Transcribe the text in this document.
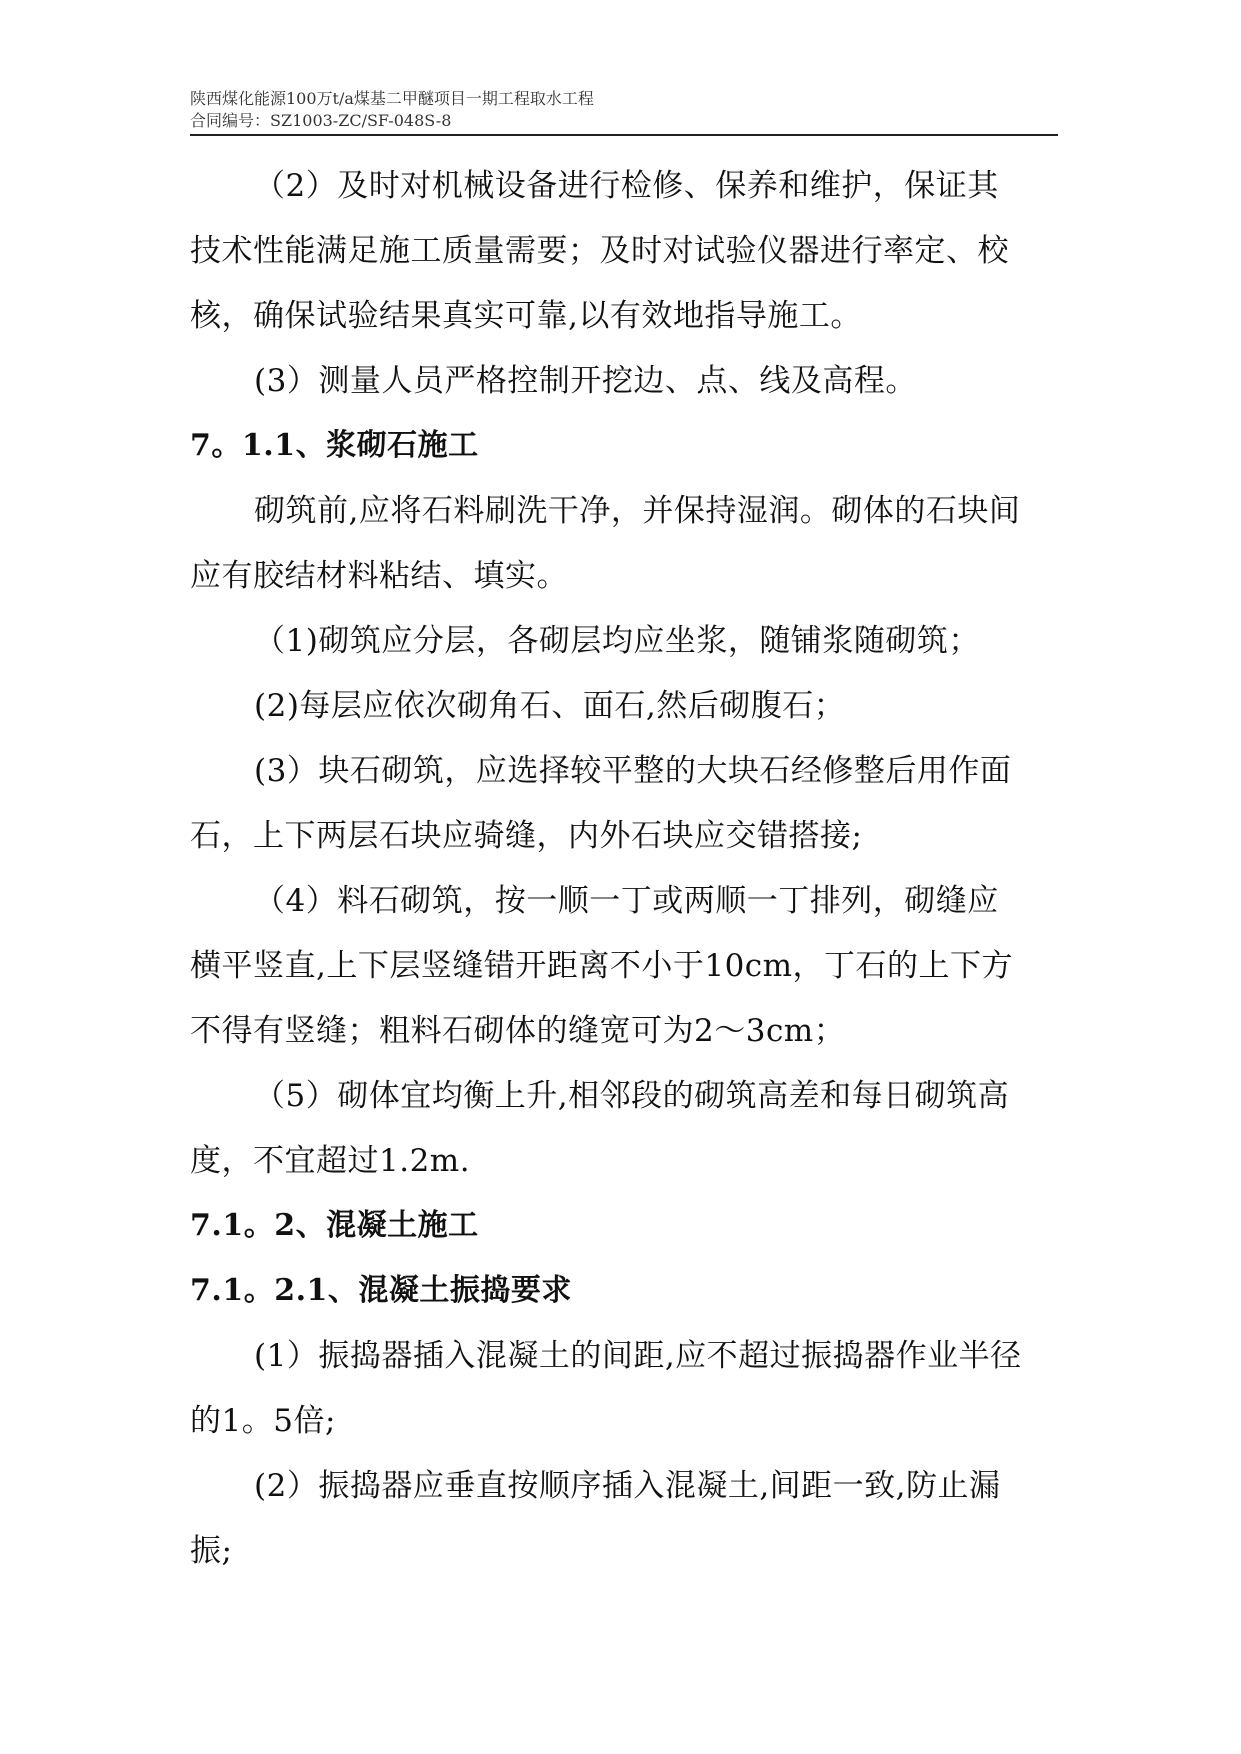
陕西煤化能源100万t/a煤基二甲醚项目一期工程取水工程
合同编号：SZ1003-ZC/SF-048S-8
（2）及时对机械设备进行检修、保养和维护，保证其
技术性能满足施工质量需要；及时对试验仪器进行率定、校
核，确保试验结果真实可靠,以有效地指导施工。
(3）测量人员严格控制开挖边、点、线及高程。
7。1.1、浆砌石施工
砌筑前,应将石料刷洗干净，并保持湿润。砌体的石块间
应有胶结材料粘结、填实。
（1)砌筑应分层，各砌层均应坐浆，随铺浆随砌筑；
(2)每层应依次砌角石、面石,然后砌腹石；
(3）块石砌筑，应选择较平整的大块石经修整后用作面
石，上下两层石块应骑缝，内外石块应交错搭接;
（4）料石砌筑，按一顺一丁或两顺一丁排列，砌缝应
横平竖直,上下层竖缝错开距离不小于10cm，丁石的上下方
不得有竖缝；粗料石砌体的缝宽可为2～3cm；
（5）砌体宜均衡上升,相邻段的砌筑高差和每日砌筑高
度，不宜超过1.2m.
7.1。2、混凝土施工
7.1。2.1、混凝土振捣要求
(1）振捣器插入混凝土的间距,应不超过振捣器作业半径
的1。5倍;
(2）振捣器应垂直按顺序插入混凝土,间距一致,防止漏
振;
